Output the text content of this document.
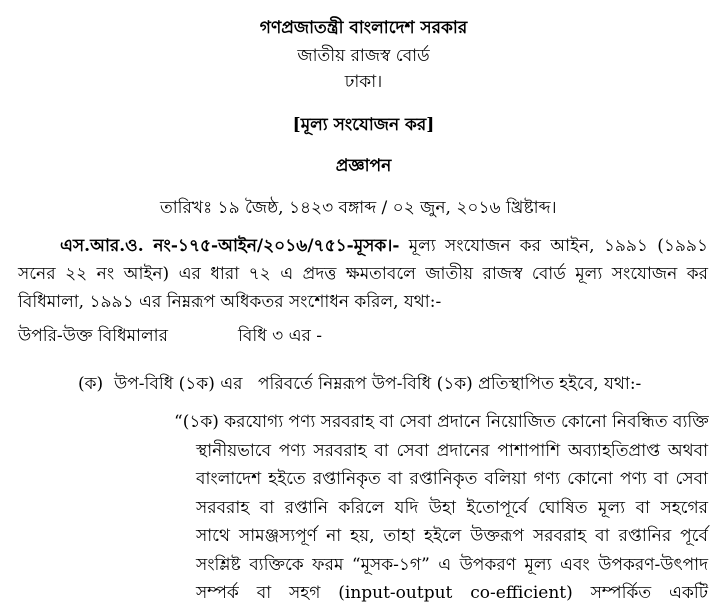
গণপ্রজাতন্ত্রী বাংলাদেশ সরকার
জাতীয় রাজস্ব বোর্ড
ঢাকা।
[মূল্য সংযোজন কর]
প্রজ্ঞাপন
তারিখঃ ১৯ জৈষ্ঠ, ১৪২৩ বঙ্গাব্দ / ০২ জুন, ২০১৬ খ্রিষ্টাব্দ।
এস.আর.ও. নং-১৭৫-আইন/২০১৬/৭৫১-মূসক।- মূল্য সংযোজন কর আইন, ১৯৯১ (১৯৯১
সনের ২২ নং আইন) এর ধারা ৭২ এ প্রদত্ত ক্ষমতাবলে জাতীয় রাজস্ব বোর্ড মূল্য সংযোজন কর
বিধিমালা, ১৯৯১ এর নিম্নরূপ অধিকতর সংশোধন করিল, যথা:-
উপরি-উক্ত বিধিমালার	বিধি ৩ এর -
(ক) উপ-বিধি (১ক) এর পরিবর্তে নিম্নরূপ উপ-বিধি (১ক) প্রতিস্থাপিত হইবে, যথা:-
“(১ক) করযোগ্য পণ্য সরবরাহ বা সেবা প্রদানে নিয়োজিত কোনো নিবন্ধিত ব্যক্তি
স্থানীয়ভাবে পণ্য সরবরাহ বা সেবা প্রদানের পাশাপাশি অব্যাহতিপ্রাপ্ত অথবা
বাংলাদেশ হইতে রপ্তানিকৃত বা রপ্তানিকৃত বলিয়া গণ্য কোনো পণ্য বা সেবা
সরবরাহ বা রপ্তানি করিলে যদি উহা ইতোপূর্বে ঘোষিত মূল্য বা সহগের
সাথে সামঞ্জস্যপূর্ণ না হয়, তাহা হইলে উক্তরূপ সরবরাহ বা রপ্তানির পূর্বে
সংশ্লিষ্ট ব্যক্তিকে ফরম “মূসক-১গ” এ উপকরণ মূল্য এবং উপকরণ-উৎপাদ
সম্পর্ক বা সহগ (input-output co-efficient) সম্পর্কিত একটি
